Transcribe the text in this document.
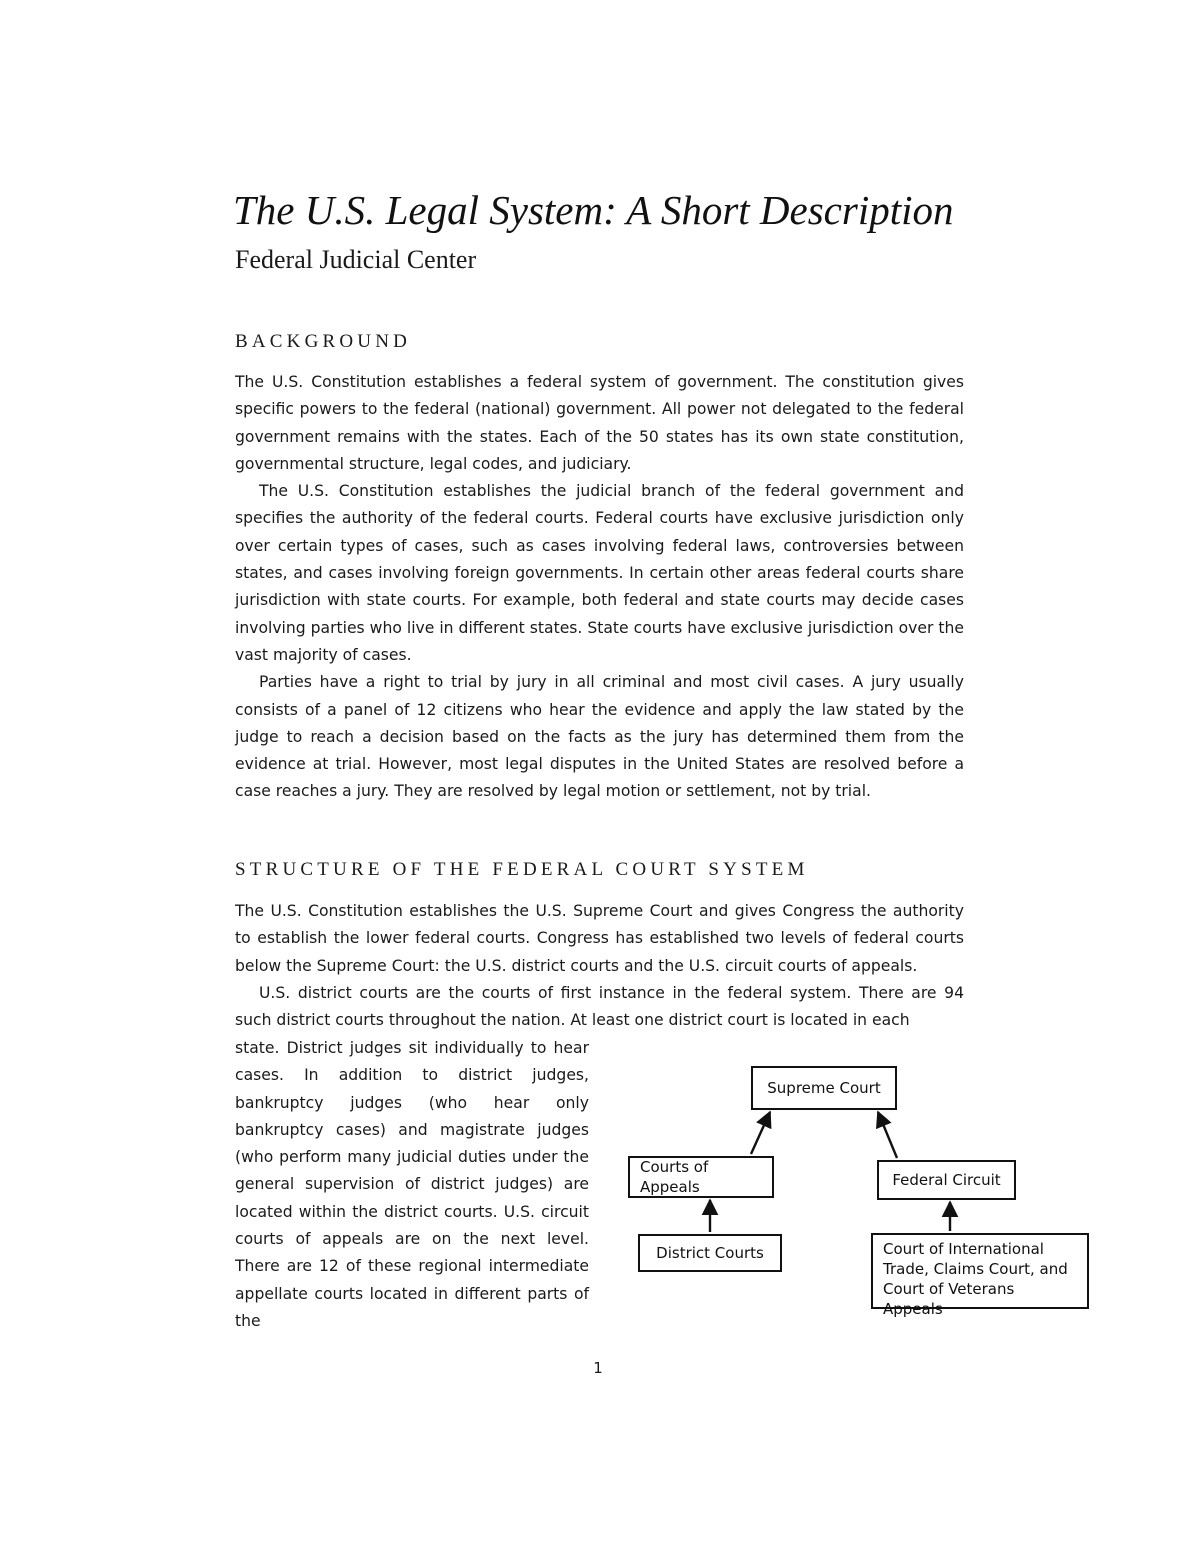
The U.S. Legal System: A Short Description
Federal Judicial Center
BACKGROUND

The U.S. Constitution establishes a federal system of government. The constitution gives specific powers to the federal (national) government. All power not delegated to the federal government remains with the states. Each of the 50 states has its own state constitution, governmental structure, legal codes, and judiciary.

The U.S. Constitution establishes the judicial branch of the federal government and specifies the authority of the federal courts. Federal courts have exclusive jurisdiction only over certain types of cases, such as cases involving federal laws, controversies between states, and cases involving foreign governments. In certain other areas federal courts share jurisdiction with state courts. For example, both federal and state courts may decide cases involving parties who live in different states. State courts have exclusive jurisdiction over the vast majority of cases.

Parties have a right to trial by jury in all criminal and most civil cases. A jury usually consists of a panel of 12 citizens who hear the evidence and apply the law stated by the judge to reach a decision based on the facts as the jury has determined them from the evidence at trial. However, most legal disputes in the United States are resolved before a case reaches a jury. They are resolved by legal motion or settlement, not by trial.

STRUCTURE OF THE FEDERAL COURT SYSTEM

The U.S. Constitution establishes the U.S. Supreme Court and gives Congress the authority to establish the lower federal courts. Congress has established two levels of federal courts below the Supreme Court: the U.S. district courts and the U.S. circuit courts of appeals.

U.S. district courts are the courts of first instance in the federal system. There are 94 such district courts throughout the nation. At least one district court is located in each

state. District judges sit individually to hear cases. In addition to district judges, bankruptcy judges (who hear only bankruptcy cases) and magistrate judges (who perform many judicial duties under the general supervision of district judges) are located within the district courts. U.S. circuit courts of appeals are on the next level. There are 12 of these regional intermediate appellate courts located in different parts of the

Supreme Court
Courts of Appeals	Federal Circuit
District Courts	Court of International
Trade, Claims Court, and
Court of Veterans Appeals
1
